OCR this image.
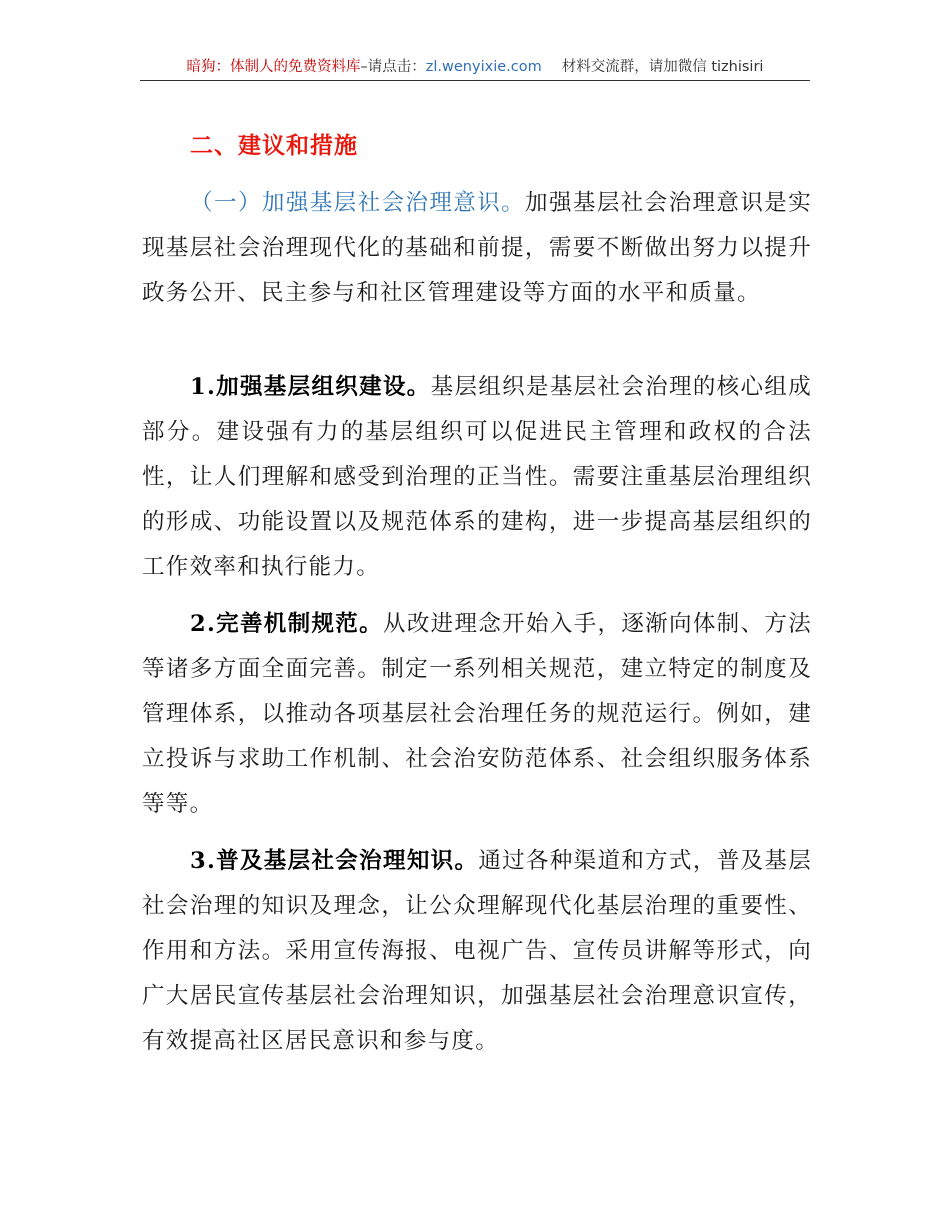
暗狗：体制人的免费资料库–请点击：zl.wenyixie.com 材料交流群，请加微信 tizhisiri
二、建议和措施

（一）加强基层社会治理意识。加强基层社会治理意识是实现基层社会治理现代化的基础和前提，需要不断做出努力以提升政务公开、民主参与和社区管理建设等方面的水平和质量。

1.加强基层组织建设。基层组织是基层社会治理的核心组成部分。建设强有力的基层组织可以促进民主管理和政权的合法性，让人们理解和感受到治理的正当性。需要注重基层治理组织的形成、功能设置以及规范体系的建构，进一步提高基层组织的工作效率和执行能力。

2.完善机制规范。从改进理念开始入手，逐渐向体制、方法等诸多方面全面完善。制定一系列相关规范，建立特定的制度及管理体系，以推动各项基层社会治理任务的规范运行。例如，建立投诉与求助工作机制、社会治安防范体系、社会组织服务体系等等。

3.普及基层社会治理知识。通过各种渠道和方式，普及基层社会治理的知识及理念，让公众理解现代化基层治理的重要性、作用和方法。采用宣传海报、电视广告、宣传员讲解等形式，向广大居民宣传基层社会治理知识，加强基层社会治理意识宣传，有效提高社区居民意识和参与度。
